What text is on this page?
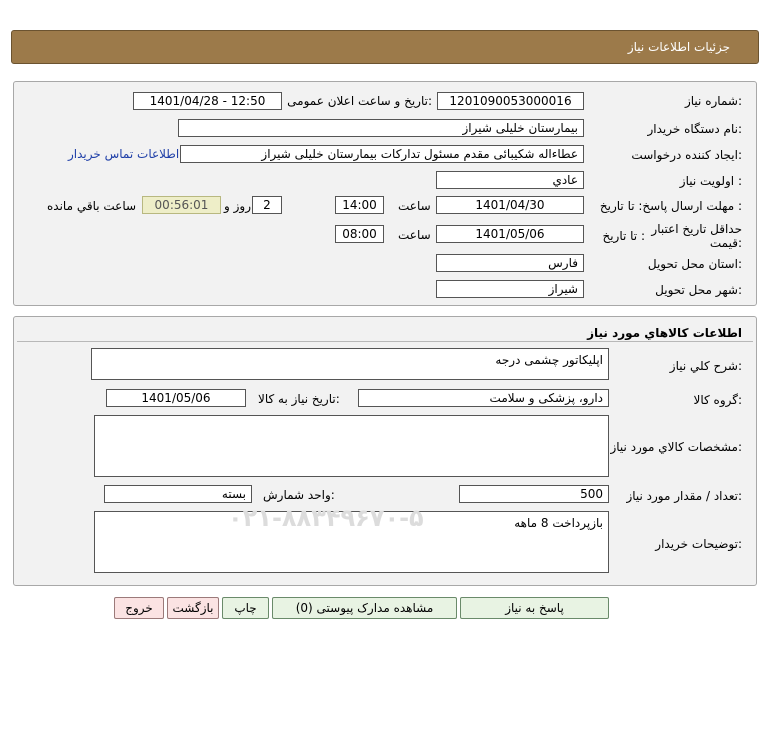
جزئیات اطلاعات نیاز
شماره نیاز:
1201090053000016
تاریخ و ساعت اعلان عمومی:
1401/04/28 - 12:50
نام دستگاه خریدار:
بیمارستان خلیلی شیراز
ایجاد کننده درخواست:
عطاءاله شکیبائی مقدم مسئول تدارکات بیمارستان خلیلی شیراز
اطلاعات تماس خریدار
اولویت نیاز :
عادي
مهلت ارسال پاسخ: تا تاریخ :
1401/04/30
ساعت
14:00
2
روز و
00:56:01
ساعت باقي مانده
حداقل تاریخ اعتبار
قیمت:
تا تاریخ :
1401/05/06
ساعت
08:00
استان محل تحویل:
فارس
شهر محل تحویل:
شیراز
اطلاعات کالاهاي مورد نياز
شرح کلي نياز:
اپلیکاتور چشمی درجه
گروه کالا:
دارو، پزشکی و سلامت
تاریخ نیاز به کالا:
1401/05/06
مشخصات کالاي مورد نياز:
تعداد / مقدار مورد نیاز:
500
واحد شمارش:
بسته
توضیحات خریدار:
بازپرداخت 8 ماهه
۰۲۱-۸۸۳۴۹۶۷۰-۵
پاسخ به نیاز
مشاهده مدارک پیوستی (0)
چاپ
بازگشت
خروج
